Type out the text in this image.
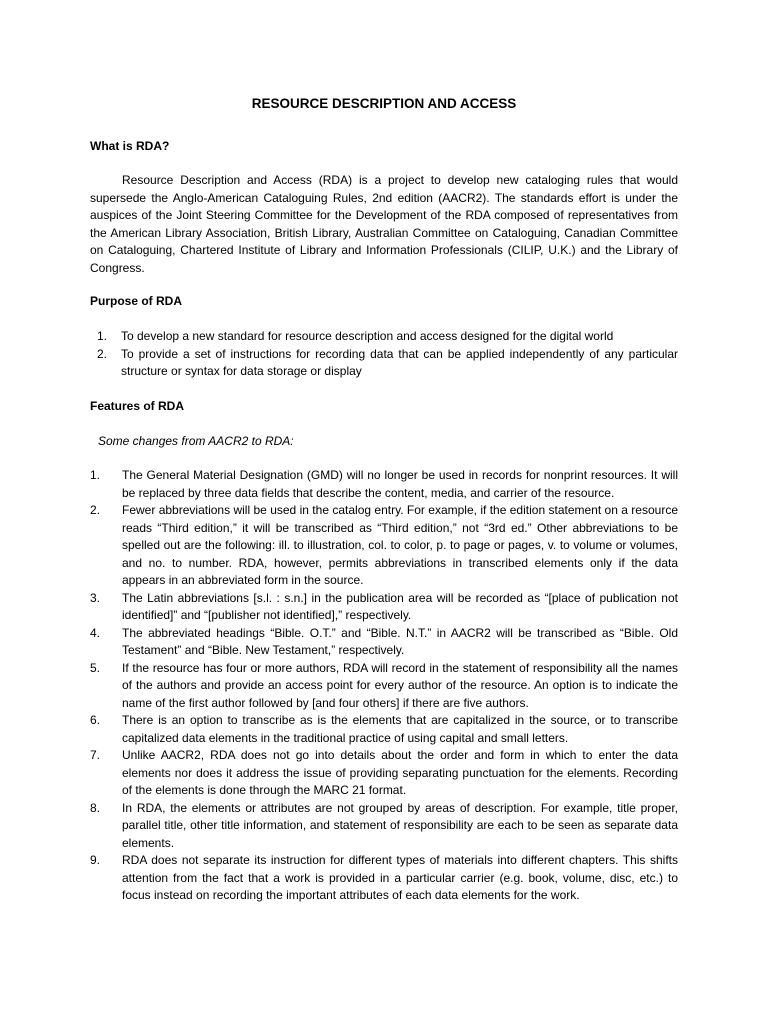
RESOURCE DESCRIPTION AND ACCESS
What is RDA?
Resource Description and Access (RDA) is a project to develop new cataloging rules that would supersede the Anglo-American Cataloguing Rules, 2nd edition (AACR2). The standards effort is under the auspices of the Joint Steering Committee for the Development of the RDA composed of representatives from the American Library Association, British Library, Australian Committee on Cataloguing, Canadian Committee on Cataloguing, Chartered Institute of Library and Information Professionals (CILIP, U.K.) and the Library of Congress.
Purpose of RDA
1. To develop a new standard for resource description and access designed for the digital world
2. To provide a set of instructions for recording data that can be applied independently of any particular structure or syntax for data storage or display
Features of RDA
Some changes from AACR2 to RDA:
1. The General Material Designation (GMD) will no longer be used in records for nonprint resources. It will be replaced by three data fields that describe the content, media, and carrier of the resource.
2. Fewer abbreviations will be used in the catalog entry. For example, if the edition statement on a resource reads “Third edition,” it will be transcribed as “Third edition,” not “3rd ed.” Other abbreviations to be spelled out are the following: ill. to illustration, col. to color, p. to page or pages, v. to volume or volumes, and no. to number. RDA, however, permits abbreviations in transcribed elements only if the data appears in an abbreviated form in the source.
3. The Latin abbreviations [s.l. : s.n.] in the publication area will be recorded as “[place of publication not identified]” and “[publisher not identified],” respectively.
4. The abbreviated headings “Bible. O.T.” and “Bible. N.T.” in AACR2 will be transcribed as “Bible. Old Testament” and “Bible. New Testament,” respectively.
5. If the resource has four or more authors, RDA will record in the statement of responsibility all the names of the authors and provide an access point for every author of the resource. An option is to indicate the name of the first author followed by [and four others] if there are five authors.
6. There is an option to transcribe as is the elements that are capitalized in the source, or to transcribe capitalized data elements in the traditional practice of using capital and small letters.
7. Unlike AACR2, RDA does not go into details about the order and form in which to enter the data elements nor does it address the issue of providing separating punctuation for the elements. Recording of the elements is done through the MARC 21 format.
8. In RDA, the elements or attributes are not grouped by areas of description. For example, title proper, parallel title, other title information, and statement of responsibility are each to be seen as separate data elements.
9. RDA does not separate its instruction for different types of materials into different chapters. This shifts attention from the fact that a work is provided in a particular carrier (e.g. book, volume, disc, etc.) to focus instead on recording the important attributes of each data elements for the work.
